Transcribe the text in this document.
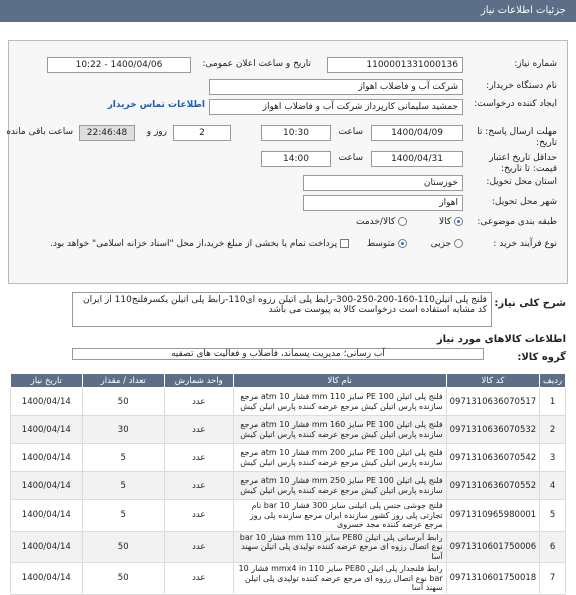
جزئیات اطلاعات نیاز
شماره نیاز:
1100001331000136
تاریخ و ساعت اعلان عمومی:
1400/04/06 - 10:22
نام دستگاه خریدار:
شرکت آب و فاضلاب اهواز
ایجاد کننده درخواست:
جمشید سلیمانی کارپرداز شرکت آب و فاضلاب اهواز
اطلاعات تماس خریدار
مهلت ارسال پاسخ: تا تاریخ:
1400/04/09
ساعت
10:30
2
روز و
22:46:48
ساعت باقی مانده
حداقل تاریخ اعتبار قیمت: تا تاریخ:
1400/04/31
ساعت
14:00
استان محل تحویل:
خوزستان
شهر محل تحویل:
اهواز
طبقه بندی موضوعی:
کالا
کالا/خدمت
نوع فرآیند خرید :
جزیی
متوسط
پرداخت تمام یا بخشی از مبلغ خرید،از محل "اسناد خزانه اسلامی" خواهد بود.
شرح کلی نیاز:
فلنج پلی اتیلن110-160-200-250-300-رابط پلی اتیلن رزوه ای110-رابط پلی اتیلن یکسرفلنج110 از ایران کد مشابه استفاده است درخواست کالا به پیوست می باشد
اطلاعات کالاهای مورد نیاز
گروه کالا:
آب رسانی؛ مدیریت پسماند، فاضلاب و فعالیت های تصفیه
ردیف	کد کالا	نام کالا	واحد شمارش	تعداد / مقدار	تاریخ نیاز
1	0971310636070517	فلنج پلی اتیلن PE 100 سایز 110 mm فشار 10 atm مرجع سازنده پارس اتیلن کیش مرجع عرضه کننده پارس اتیلن کیش	عدد	50	1400/04/14
2	0971310636070532	فلنج پلی اتیلن PE 100 سایز 160 mm فشار 10 atm مرجع سازنده پارس اتیلن کیش مرجع عرضه کننده پارس اتیلن کیش	عدد	30	1400/04/14
3	0971310636070542	فلنج پلی اتیلن PE 100 سایز 200 mm فشار 10 atm مرجع سازنده پارس اتیلن کیش مرجع عرضه کننده پارس اتیلن کیش	عدد	5	1400/04/14
4	0971310636070552	فلنج پلی اتیلن PE 100 سایز 250 mm فشار 10 atm مرجع سازنده پارس اتیلن کیش مرجع عرضه کننده پارس اتیلن کیش	عدد	5	1400/04/14
5	0971310965980001	فلنج جوشی جنس پلی اتیلنی سایز 300 فشار 10 bar نام تجارتی پلی روز کشور سازنده ایران مرجع سازنده پلی روز مرجع عرضه کننده مجد خسروی	عدد	5	1400/04/14
6	0971310601750006	رابط آبرسانی پلی اتیلن PE80 سایز 110 mm فشار 10 bar نوع اتصال رزوه ای مرجع عرضه کننده تولیدی پلی اتیلن سهند آسا	عدد	50	1400/04/14
7	0971310601750018	رابط فلنجدار پلی اتیلن PE80 سایز 110 mmx4 in فشار 10 bar نوع اتصال رزوه ای مرجع عرضه کننده تولیدی پلی اتیلن سهند آسا	عدد	50	1400/04/14
